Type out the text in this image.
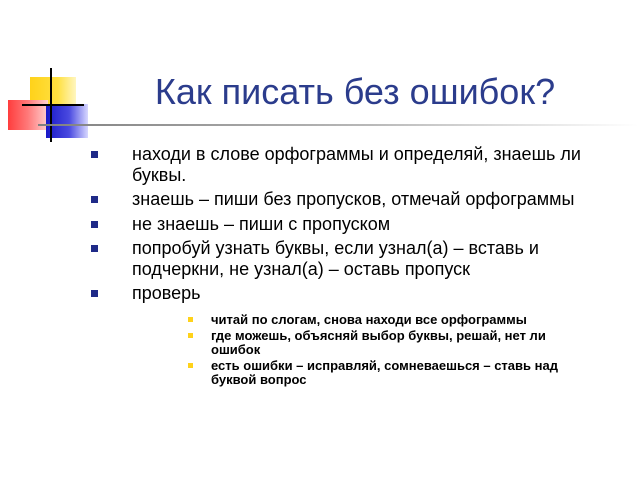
Как писать без ошибок?
находи в слове орфограммы и определяй, знаешь ли буквы.
знаешь – пиши без пропусков, отмечай орфограммы
не знаешь – пиши с пропуском
попробуй узнать буквы, если узнал(а) – вставь и подчеркни, не узнал(а) – оставь пропуск
проверь
читай по слогам, снова находи все орфограммы
где можешь, объясняй выбор буквы, решай, нет ли ошибок
есть ошибки – исправляй, сомневаешься – ставь над буквой вопрос
